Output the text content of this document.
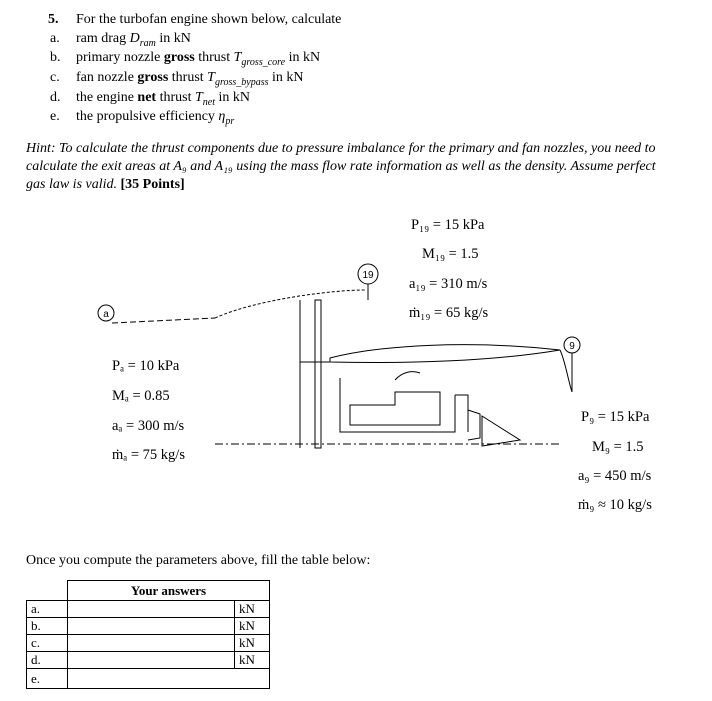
5. For the turbofan engine shown below, calculate
a. ram drag $D_{ram}$ in kN
b. primary nozzle gross thrust $T_{gross\_core}$ in kN
c. fan nozzle gross thrust $T_{gross\_bypass}$ in kN
d. the engine net thrust $T_{net}$ in kN
e. the propulsive efficiency $\eta_{pr}$
Hint: To calculate the thrust components due to pressure imbalance for the primary and fan nozzles, you need to calculate the exit areas at A₉ and A₁₉ using the mass flow rate information as well as the density. Assume perfect gas law is valid. [35 Points]
a
19
9
Pₐ = 10 kPa
Mₐ = 0.85
aₐ = 300 m/s
ṁₐ = 75 kg/s
P₁₉ = 15 kPa
M₁₉ = 1.5
a₁₉ = 310 m/s
ṁ₁₉ = 65 kg/s
P₉ = 15 kPa
M₉ = 1.5
a₉ = 450 m/s
ṁ₉ ≈ 10 kg/s
Once you compute the parameters above, fill the table below:
	Your answers	
a.		kN
b.		kN
c.		kN
d.		kN
e.		
